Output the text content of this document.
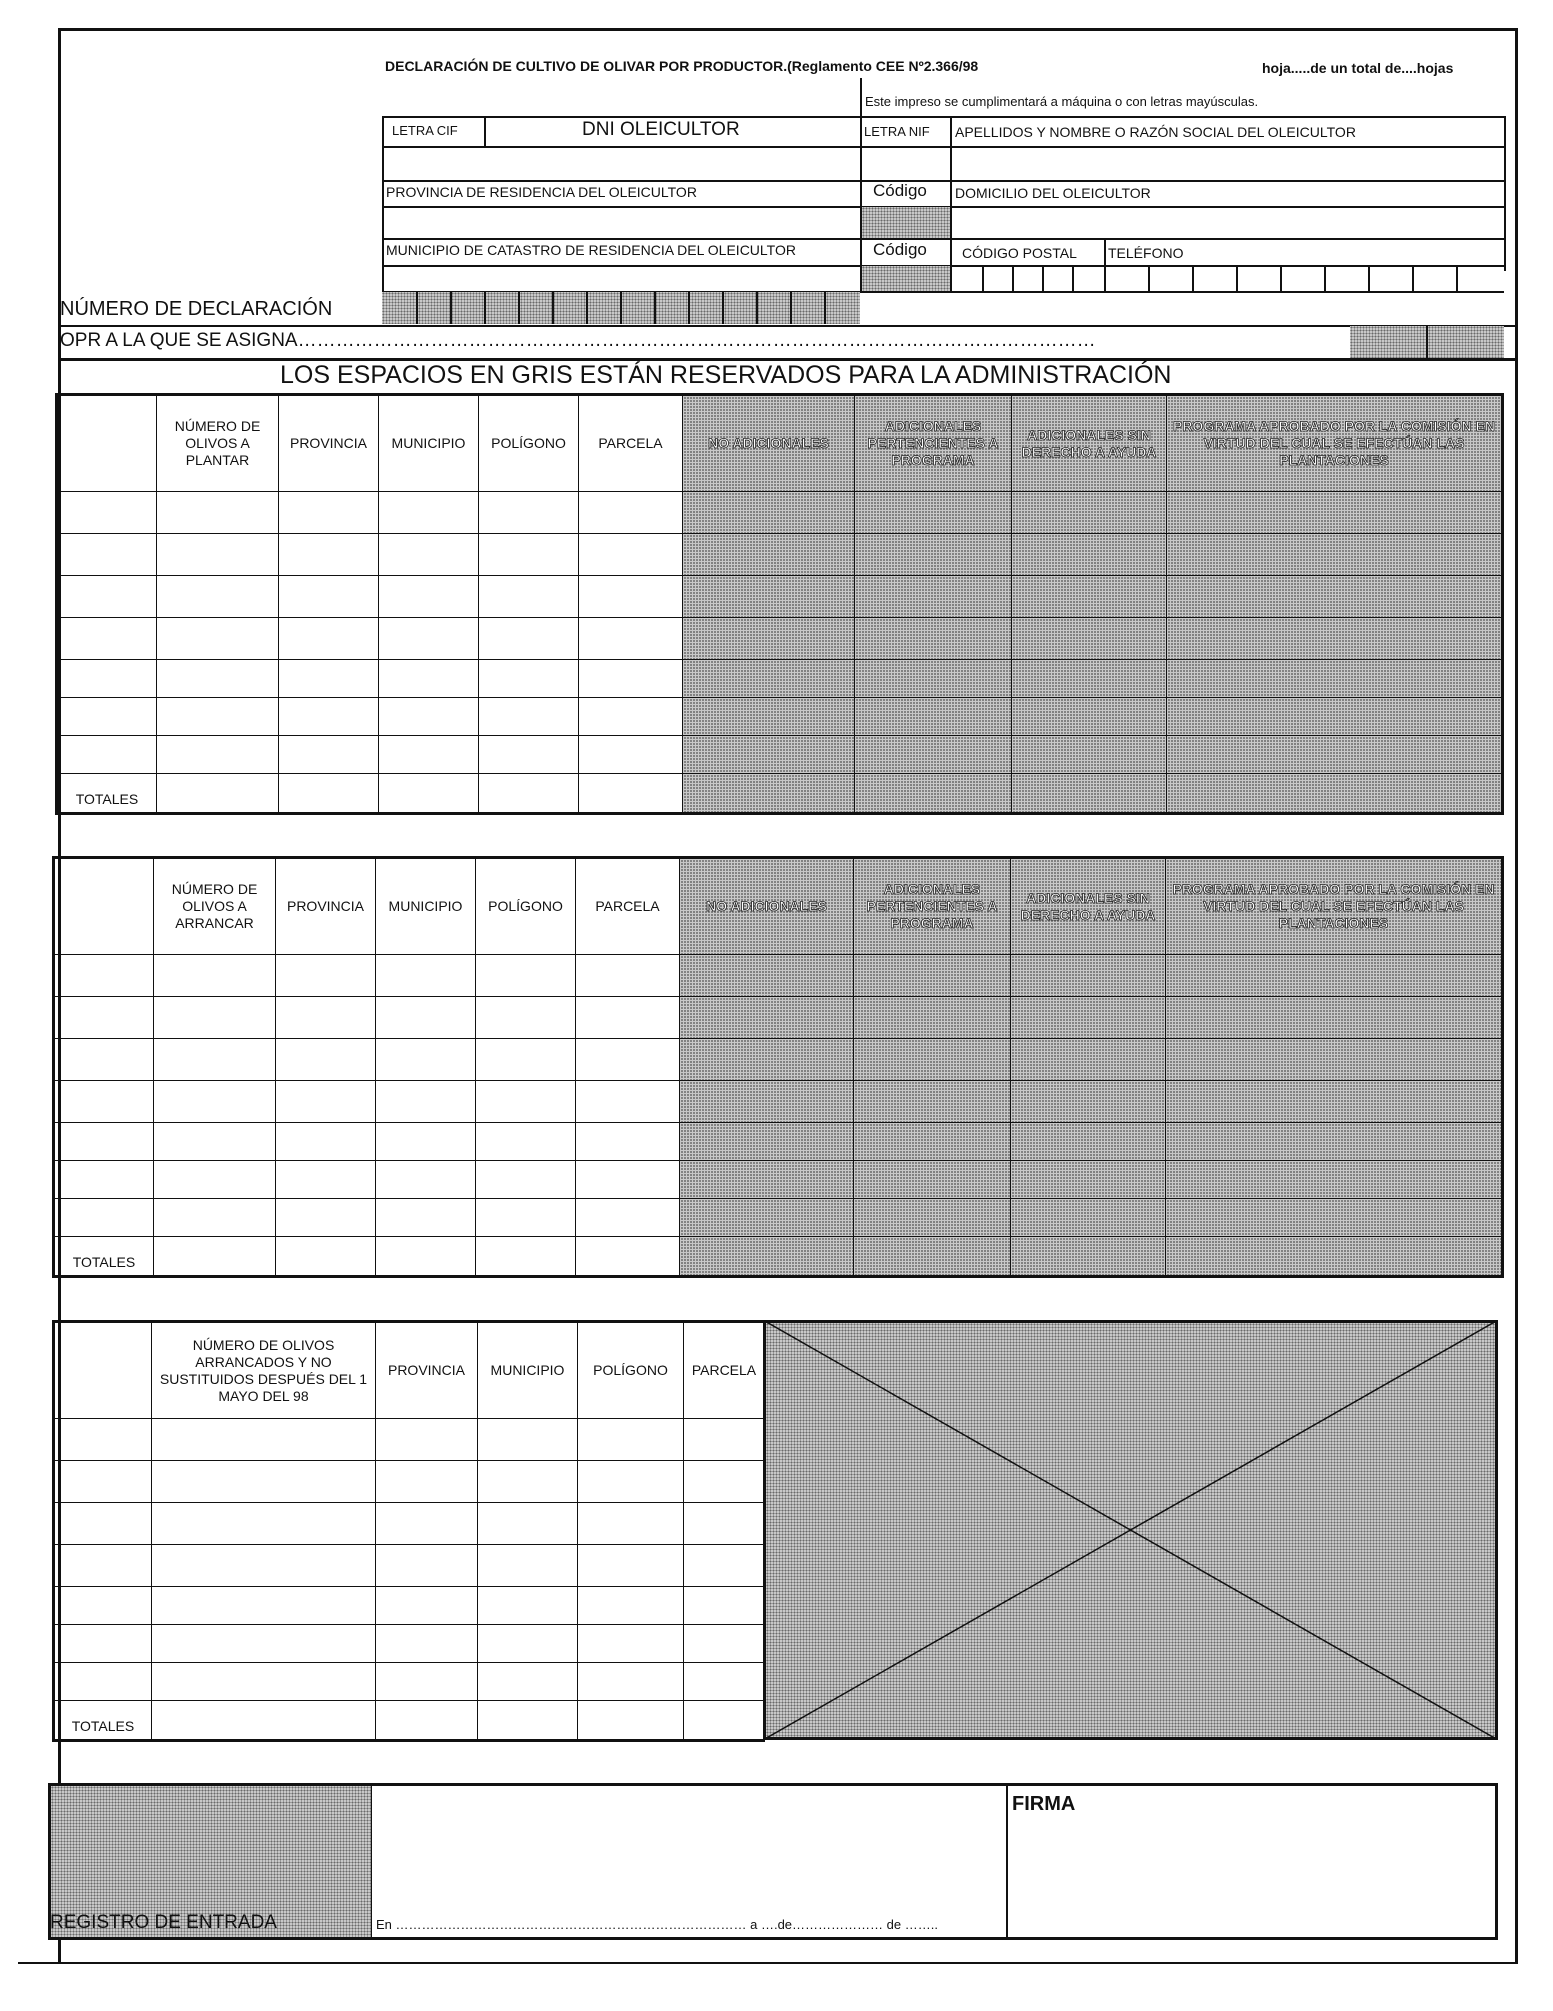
DECLARACIÓN DE CULTIVO DE OLIVAR POR PRODUCTOR.(Reglamento CEE Nº2.366/98	hoja.....de un total de....hojas
Este impreso se cumplimentará a máquina o con letras mayúsculas.
LETRA CIF	DNI OLEICULTOR	LETRA NIF APELLIDOS Y NOMBRE O RAZÓN SOCIAL DEL OLEICULTOR
PROVINCIA DE RESIDENCIA DEL OLEICULTOR	Código DOMICILIO DEL OLEICULTOR
MUNICIPIO DE CATASTRO DE RESIDENCIA DEL OLEICULTOR	Código	CÓDIGO POSTAL TELÉFONO
NÚMERO DE DECLARACIÓN
OPR A LA QUE SE ASIGNA………………………………………………………………………………………………………………
LOS ESPACIOS EN GRIS ESTÁN RESERVADOS PARA LA ADMINISTRACIÓN
	NÚMERO DE OLIVOS A PLANTAR	PROVINCIA	MUNICIPIO	POLÍGONO	PARCELA	NO ADICIONALES	ADICIONALES PERTENCIENTES A PROGRAMA	ADICIONALES SIN DERECHO A AYUDA	PROGRAMA APROBADO POR LA COMISIÓN EN VIRTUD DEL CUAL SE EFECTÚAN LAS PLANTACIONES

TOTALES									
	NÚMERO DE OLIVOS A ARRANCAR	PROVINCIA	MUNICIPIO	POLÍGONO	PARCELA	NO ADICIONALES	ADICIONALES PERTENCIENTES A PROGRAMA	ADICIONALES SIN DERECHO A AYUDA	PROGRAMA APROBADO POR LA COMISIÓN EN VIRTUD DEL CUAL SE EFECTÚAN LAS PLANTACIONES

TOTALES									
	NÚMERO DE OLIVOS ARRANCADOS Y NO SUSTITUIDOS DESPUÉS DEL 1 MAYO DEL 98	PROVINCIA	MUNICIPIO	POLÍGONO	PARCELA

TOTALES					
REGISTRO DE ENTRADA	En ……………………………………………………………………… a ….de………………… de ……..
FIRMA
